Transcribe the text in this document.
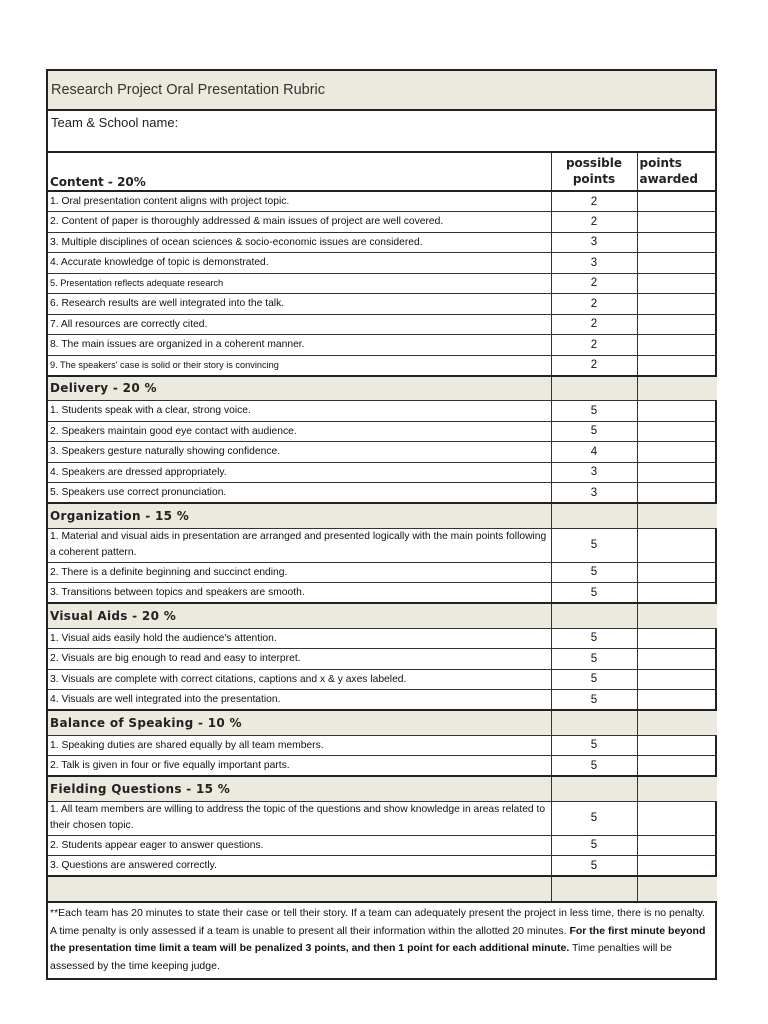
Research Project Oral Presentation Rubric
Team & School name:
Content - 20%	possible points	points awarded
1. Oral presentation content aligns with project topic.	2	
2. Content of paper is thoroughly addressed & main issues of project are well covered.	2	
3. Multiple disciplines of ocean sciences & socio-economic issues are considered.	3	
4. Accurate knowledge of topic is demonstrated.	3	
5. Presentation reflects adequate research	2	
6. Research results are well integrated into the talk.	2	
7. All resources are correctly cited.	2	
8. The main issues are organized in a coherent manner.	2	
9. The speakers' case is solid or their story is convincing	2	
Delivery - 20 %		
1. Students speak with a clear, strong voice.	5	
2. Speakers maintain good eye contact with audience.	5	
3. Speakers gesture naturally showing confidence.	4	
4. Speakers are dressed appropriately.	3	
5. Speakers use correct pronunciation.	3	
Organization - 15 %		
1. Material and visual aids in presentation are arranged and presented logically with the main points following a coherent pattern.	5	
2. There is a definite beginning and succinct ending.	5	
3. Transitions between topics and speakers are smooth.	5	
Visual Aids - 20 %		
1. Visual aids easily hold the audience's attention.	5	
2. Visuals are big enough to read and easy to interpret.	5	
3. Visuals are complete with correct citations, captions and x & y axes labeled.	5	
4. Visuals are well integrated into the presentation.	5	
Balance of Speaking - 10 %		
1. Speaking duties are shared equally by all team members.	5	
2. Talk is given in four or five equally important parts.	5	
Fielding Questions - 15 %		
1. All team members are willing to address the topic of the questions and show knowledge in areas related to their chosen topic.	5	
2. Students appear eager to answer questions.	5	
3. Questions are answered correctly.	5	

**Each team has 20 minutes to state their case or tell their story. If a team can adequately present the project in less time, there is no penalty. A time penalty is only assessed if a team is unable to present all their information within the allotted 20 minutes. For the first minute beyond the presentation time limit a team will be penalized 3 points, and then 1 point for each additional minute. Time penalties will be assessed by the time keeping judge.
